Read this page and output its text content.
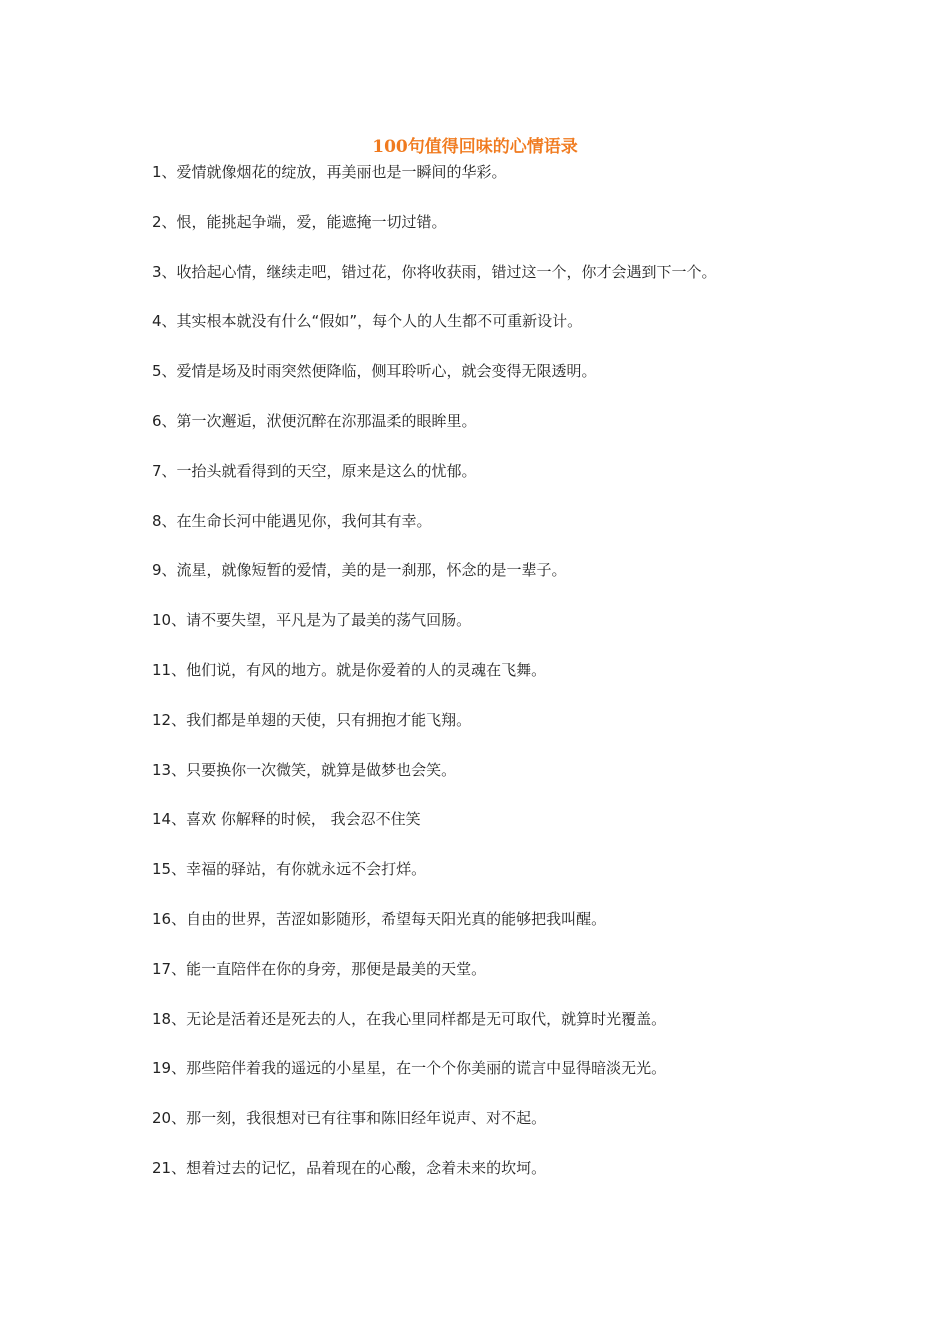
100句值得回味的心情语录
1、爱情就像烟花的绽放，再美丽也是一瞬间的华彩。
2、恨，能挑起争端，爱，能遮掩一切过错。
3、收拾起心情，继续走吧，错过花，你将收获雨，错过这一个，你才会遇到下一个。
4、其实根本就没有什么“假如”，每个人的人生都不可重新设计。
5、爱情是场及时雨突然便降临，侧耳聆听心，就会变得无限透明。
6、第一次邂逅，洑便沉醉在沵那温柔的眼眸里。
7、一抬头就看得到的天空，原来是这么的忧郁。
8、在生命长河中能遇见你，我何其有幸。
9、流星，就像短暂的爱情，美的是一刹那，怀念的是一辈子。
10、请不要失望，平凡是为了最美的荡气回肠。
11、他们说，有风的地方。就是你爱着的人的灵魂在飞舞。
12、我们都是单翅的天使，只有拥抱才能飞翔。
13、只要换你一次微笑，就算是做梦也会笑。
14、喜欢 你解释的时候， 我会忍不住笑
15、幸福的驿站，有你就永远不会打烊。
16、自由的世界，苦涩如影随形，希望每天阳光真的能够把我叫醒。
17、能一直陪伴在你的身旁，那便是最美的天堂。
18、无论是活着还是死去的人，在我心里同样都是无可取代，就算时光覆盖。
19、那些陪伴着我的遥远的小星星，在一个个你美丽的谎言中显得暗淡无光。
20、那一刻，我很想对已有往事和陈旧经年说声、对不起。
21、想着过去的记忆，品着现在的心酸，念着未来的坎坷。
